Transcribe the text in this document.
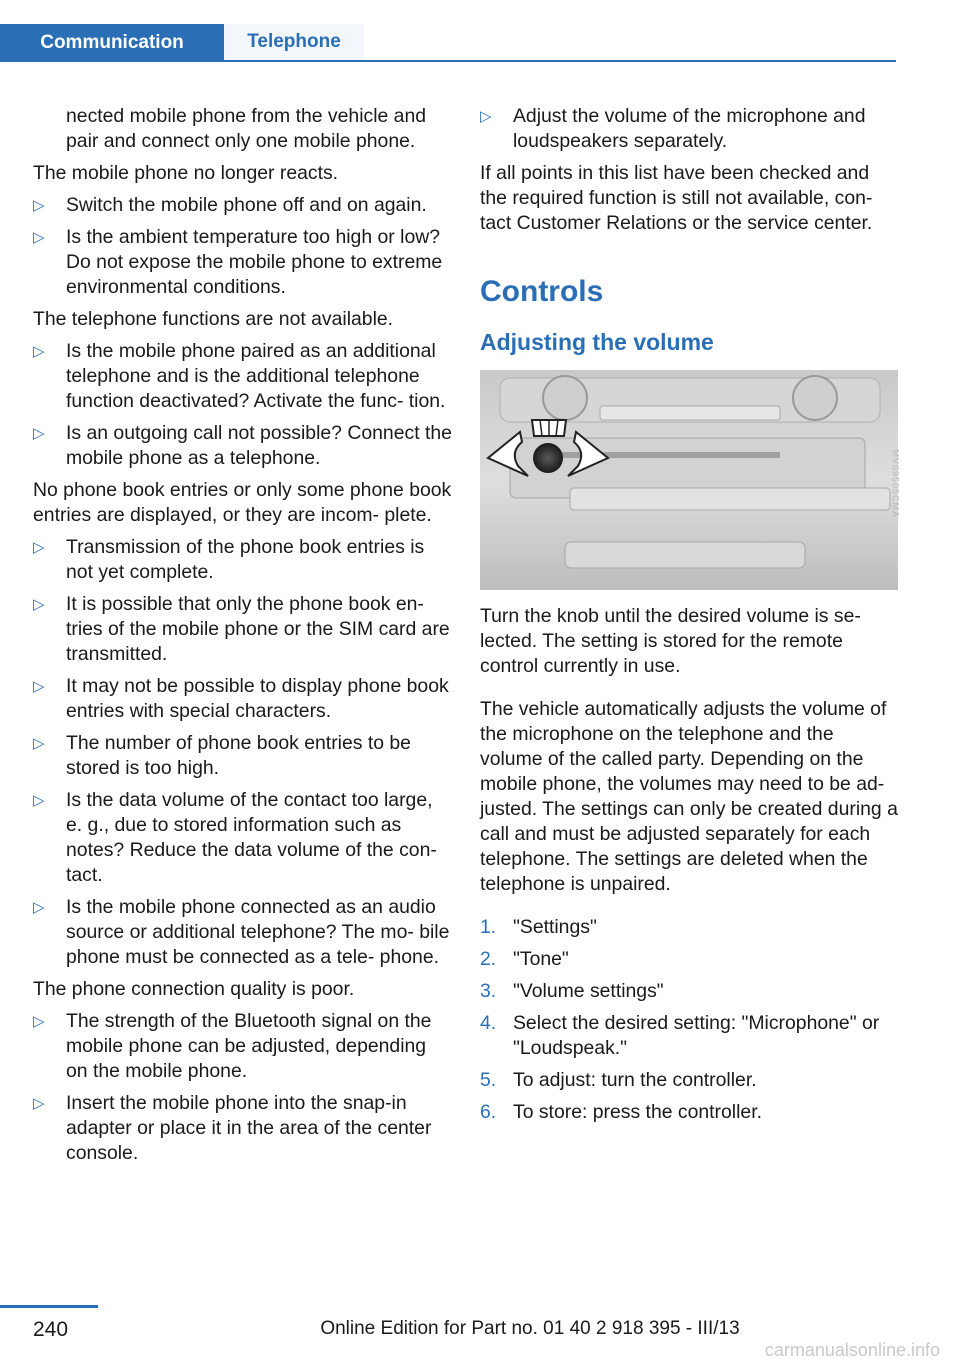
Communication	Telephone
nected mobile phone from the vehicle and pair and connect only one mobile phone.
The mobile phone no longer reacts.
▷ Switch the mobile phone off and on again.
▷ Is the ambient temperature too high or low? Do not expose the mobile phone to extreme environmental conditions.
The telephone functions are not available.
▷ Is the mobile phone paired as an additional telephone and is the additional telephone function deactivated? Activate the func‐ tion.
▷ Is an outgoing call not possible? Connect the mobile phone as a telephone.
No phone book entries or only some phone book entries are displayed, or they are incom‐ plete.
▷ Transmission of the phone book entries is not yet complete.
▷ It is possible that only the phone book en‐ tries of the mobile phone or the SIM card are transmitted.
▷ It may not be possible to display phone book entries with special characters.
▷ The number of phone book entries to be stored is too high.
▷ Is the data volume of the contact too large, e. g., due to stored information such as notes? Reduce the data volume of the con‐ tact.
▷ Is the mobile phone connected as an audio source or additional telephone? The mo‐ bile phone must be connected as a tele‐ phone.
The phone connection quality is poor.
▷ The strength of the Bluetooth signal on the mobile phone can be adjusted, depending on the mobile phone.
▷ Insert the mobile phone into the snap-in adapter or place it in the area of the center console.
▷ Adjust the volume of the microphone and loudspeakers separately.
If all points in this list have been checked and the required function is still not available, con‐ tact Customer Relations or the service center.
Controls
Adjusting the volume
MV09505CMA
Turn the knob until the desired volume is se‐ lected. The setting is stored for the remote control currently in use.
The vehicle automatically adjusts the volume of the microphone on the telephone and the volume of the called party. Depending on the mobile phone, the volumes may need to be ad‐ justed. The settings can only be created during a call and must be adjusted separately for each telephone. The settings are deleted when the telephone is unpaired.
1. "Settings"
2. "Tone"
3. "Volume settings"
4. Select the desired setting: "Microphone" or "Loudspeak."
5. To adjust: turn the controller.
6. To store: press the controller.
240	Online Edition for Part no. 01 40 2 918 395 - III/13
carmanualsonline.info
